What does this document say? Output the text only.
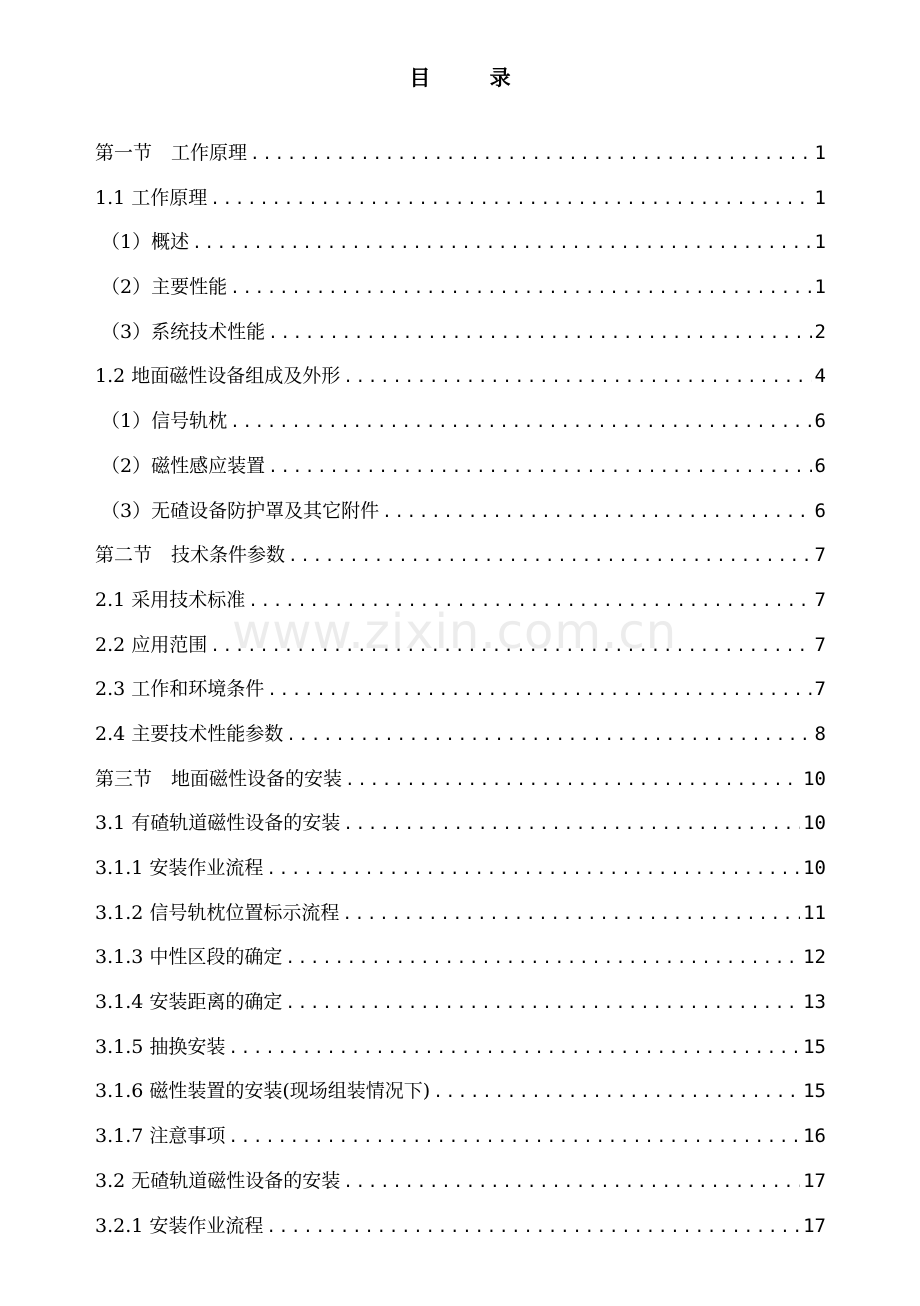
目 录
第一节　工作原理 .....	1
1.1 工作原理 .....	1
（1）概述 .....	1
（2）主要性能 .....	1
（3）系统技术性能 .....	2
1.2 地面磁性设备组成及外形 .....	4
（1）信号轨枕 .....	6
（2）磁性感应装置 .....	6
（3）无碴设备防护罩及其它附件 .....	6
第二节　技术条件参数 .....	7
2.1 采用技术标准 .....	7
2.2 应用范围 .....	7
2.3 工作和环境条件 .....	7
2.4 主要技术性能参数 .....	8
第三节　地面磁性设备的安装 .....	10
3.1 有碴轨道磁性设备的安装 .....	10
3.1.1 安装作业流程 .....	10
3.1.2 信号轨枕位置标示流程 .....	11
3.1.3 中性区段的确定 .....	12
3.1.4 安装距离的确定 .....	13
3.1.5 抽换安装 .....	15
3.1.6 磁性装置的安装(现场组装情况下) .....	15
3.1.7 注意事项 .....	16
3.2 无碴轨道磁性设备的安装 .....	17
3.2.1 安装作业流程 .....	17
www.zixin.com.cn
